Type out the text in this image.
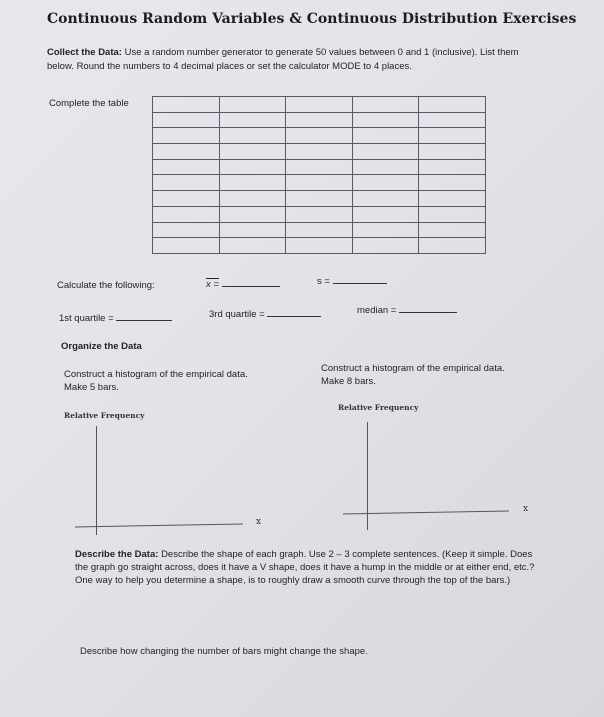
Continuous Random Variables & Continuous Distribution Exercises
Collect the Data: Use a random number generator to generate 50 values between 0 and 1 (inclusive). List them below. Round the numbers to 4 decimal places or set the calculator MODE to 4 places.
Complete the table

Calculate the following:	x =	s =
1st quartile =	3rd quartile =	median =
Organize the Data
Construct a histogram of the empirical data.
Make 5 bars.
Construct a histogram of the empirical data.
Make 8 bars.
Relative Frequency
x
Relative Frequency
x
Describe the Data: Describe the shape of each graph. Use 2 – 3 complete sentences. (Keep it simple. Does the graph go straight across, does it have a V shape, does it have a hump in the middle or at either end, etc.? One way to help you determine a shape, is to roughly draw a smooth curve through the top of the bars.)
Describe how changing the number of bars might change the shape.
